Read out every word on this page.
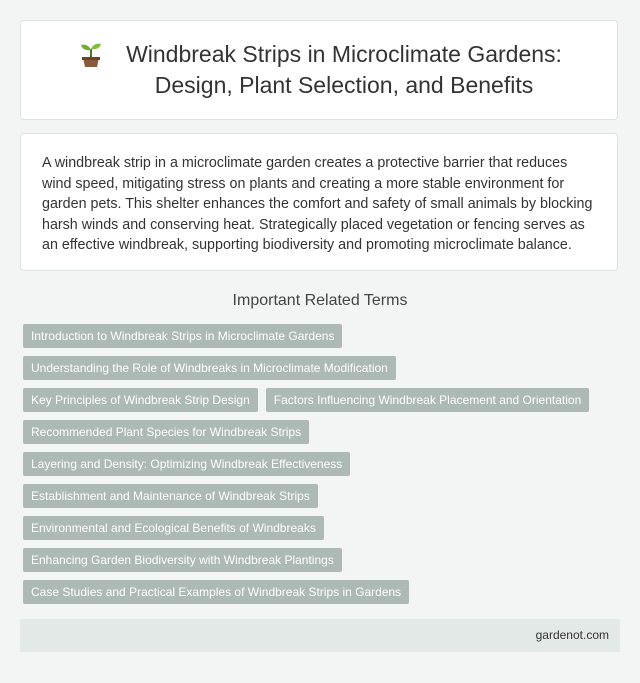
Windbreak Strips in Microclimate Gardens:
Design, Plant Selection, and Benefits

A windbreak strip in a microclimate garden creates a protective barrier that reduces wind speed, mitigating stress on plants and creating a more stable environment for garden pets. This shelter enhances the comfort and safety of small animals by blocking harsh winds and conserving heat. Strategically placed vegetation or fencing serves as an effective windbreak, supporting biodiversity and promoting microclimate balance.

Important Related Terms
Introduction to Windbreak Strips in Microclimate Gardens
Understanding the Role of Windbreaks in Microclimate Modification
Key Principles of Windbreak Strip Design	Factors Influencing Windbreak Placement and Orientation
Recommended Plant Species for Windbreak Strips
Layering and Density: Optimizing Windbreak Effectiveness
Establishment and Maintenance of Windbreak Strips
Environmental and Ecological Benefits of Windbreaks
Enhancing Garden Biodiversity with Windbreak Plantings
Case Studies and Practical Examples of Windbreak Strips in Gardens
gardenot.com
